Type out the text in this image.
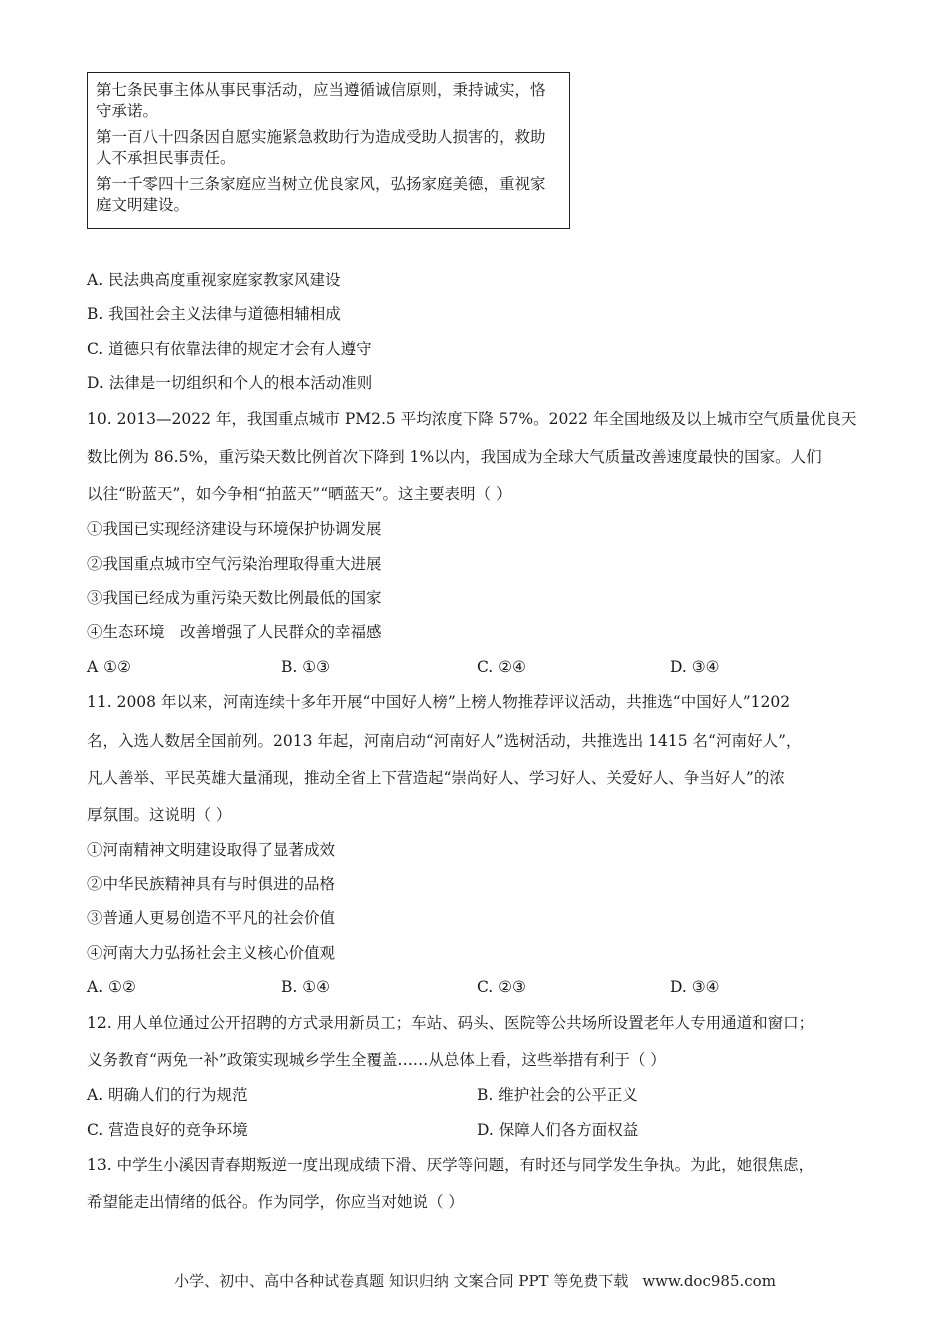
第七条民事主体从事民事活动，应当遵循诚信原则，秉持诚实，恪守承诺。

第一百八十四条因自愿实施紧急救助行为造成受助人损害的，救助人不承担民事责任。

第一千零四十三条家庭应当树立优良家风，弘扬家庭美德，重视家庭文明建设。

A. 民法典高度重视家庭家教家风建设
B. 我国社会主义法律与道德相辅相成
C. 道德只有依靠法律的规定才会有人遵守
D. 法律是一切组织和个人的根本活动准则
10. 2013—2022 年，我国重点城市 PM2.5 平均浓度下降 57%。2022 年全国地级及以上城市空气质量优良天
数比例为 86.5%，重污染天数比例首次下降到 1%以内，我国成为全球大气质量改善速度最快的国家。人们
以往“盼蓝天”，如今争相“拍蓝天”“晒蓝天”。这主要表明（ ）
①我国已实现经济建设与环境保护协调发展
②我国重点城市空气污染治理取得重大进展
③我国已经成为重污染天数比例最低的国家
④生态环境　改善增强了人民群众的幸福感
A ①②	B. ①③	C. ②④	D. ③④
11. 2008 年以来，河南连续十多年开展“中国好人榜”上榜人物推荐评议活动，共推选“中国好人”1202
名，入选人数居全国前列。2013 年起，河南启动“河南好人”选树活动，共推选出 1415 名“河南好人”，
凡人善举、平民英雄大量涌现，推动全省上下营造起“崇尚好人、学习好人、关爱好人、争当好人”的浓
厚氛围。这说明（ ）
①河南精神文明建设取得了显著成效
②中华民族精神具有与时俱进的品格
③普通人更易创造不平凡的社会价值
④河南大力弘扬社会主义核心价值观
A. ①②	B. ①④	C. ②③	D. ③④
12. 用人单位通过公开招聘的方式录用新员工；车站、码头、医院等公共场所设置老年人专用通道和窗口；
义务教育“两免一补”政策实现城乡学生全覆盖……从总体上看，这些举措有利于（ ）
A. 明确人们的行为规范	B. 维护社会的公平正义
C. 营造良好的竞争环境	D. 保障人们各方面权益
13. 中学生小溪因青春期叛逆一度出现成绩下滑、厌学等问题，有时还与同学发生争执。为此，她很焦虑，
希望能走出情绪的低谷。作为同学，你应当对她说（ ）
小学、初中、高中各种试卷真题 知识归纳 文案合同 PPT 等免费下载 www.doc985.com
